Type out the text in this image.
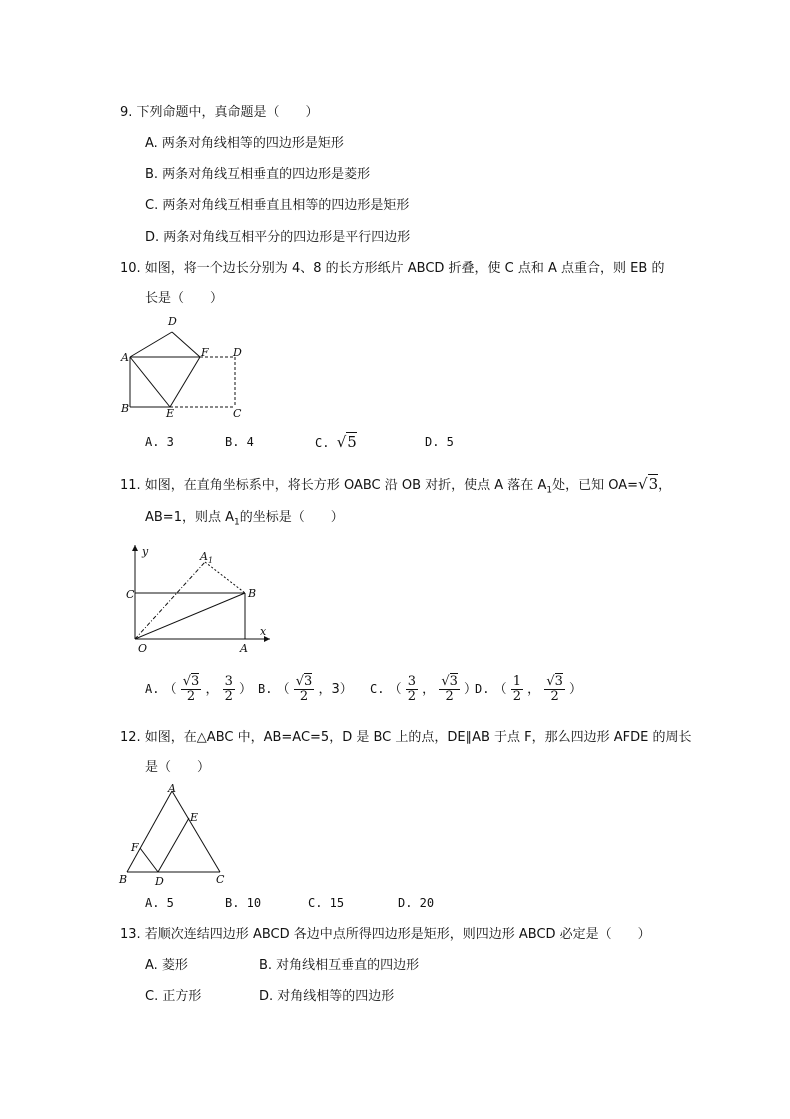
9. 下列命题中，真命题是（　　）
A. 两条对角线相等的四边形是矩形
B. 两条对角线互相垂直的四边形是菱形
C. 两条对角线互相垂直且相等的四边形是矩形
D. 两条对角线互相平分的四边形是平行四边形
10. 如图，将一个边长分别为 4、8 的长方形纸片 ABCD 折叠，使 C 点和 A 点重合，则 EB 的
长是（　　）
D
A	F D
B	E	C
A. 3	B. 4	C. √5	D. 5
11. 如图，在直角坐标系中，将长方形 OABC 沿 OB 对折，使点 A 落在 $A_1$处，已知 OA=√3，
AB=1，则点 $A_1$的坐标是（　　）
y	$A_1$
C	B
O	A
x
A. （ $\frac{√3}{2}$ ， $\frac{3}{2}$ ） B. （ $\frac{√3}{2}$ ，3） C. （ $\frac{3}{2}$ ， $\frac{√3}{2}$ ）
D. （ $\frac{1}{2}$ ， $\frac{√3}{2}$ ）
12. 如图，在△ABC 中，AB=AC=5，D 是 BC 上的点，DE∥AB 于点 F，那么四边形 AFDE 的周长
是（　　）
A
E
F
B	D	C
A. 5	B. 10	C. 15	D. 20
13. 若顺次连结四边形 ABCD 各边中点所得四边形是矩形，则四边形 ABCD 必定是（　　）
A. 菱形	B. 对角线相互垂直的四边形
C. 正方形	D. 对角线相等的四边形
